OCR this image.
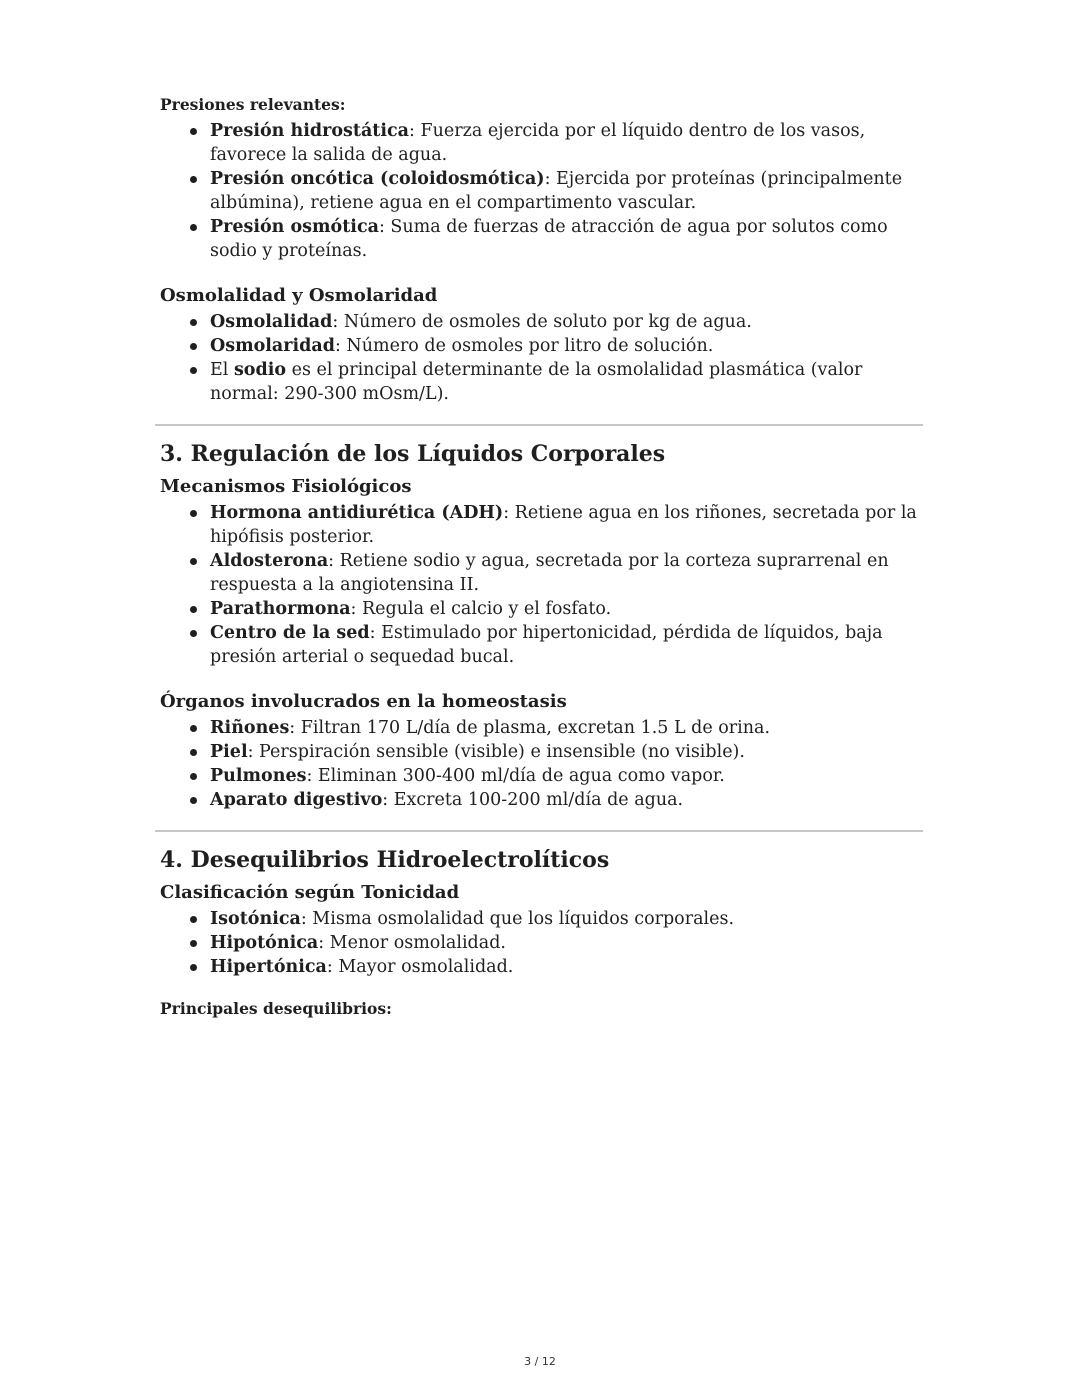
Presiones relevantes:
Presión hidrostática: Fuerza ejercida por el líquido dentro de los vasos, favorece la salida de agua.
Presión oncótica (coloidosmótica): Ejercida por proteínas (principalmente albúmina), retiene agua en el compartimento vascular.
Presión osmótica: Suma de fuerzas de atracción de agua por solutos como sodio y proteínas.
Osmolalidad y Osmolaridad
Osmolalidad: Número de osmoles de soluto por kg de agua.
Osmolaridad: Número de osmoles por litro de solución.
El sodio es el principal determinante de la osmolalidad plasmática (valor normal: 290-300 mOsm/L).
3. Regulación de los Líquidos Corporales
Mecanismos Fisiológicos
Hormona antidiurética (ADH): Retiene agua en los riñones, secretada por la hipófisis posterior.
Aldosterona: Retiene sodio y agua, secretada por la corteza suprarrenal en respuesta a la angiotensina II.
Parathormona: Regula el calcio y el fosfato.
Centro de la sed: Estimulado por hipertonicidad, pérdida de líquidos, baja presión arterial o sequedad bucal.
Órganos involucrados en la homeostasis
Riñones: Filtran 170 L/día de plasma, excretan 1.5 L de orina.
Piel: Perspiración sensible (visible) e insensible (no visible).
Pulmones: Eliminan 300-400 ml/día de agua como vapor.
Aparato digestivo: Excreta 100-200 ml/día de agua.
4. Desequilibrios Hidroelectrolíticos
Clasificación según Tonicidad
Isotónica: Misma osmolalidad que los líquidos corporales.
Hipotónica: Menor osmolalidad.
Hipertónica: Mayor osmolalidad.
Principales desequilibrios:
3 / 12
